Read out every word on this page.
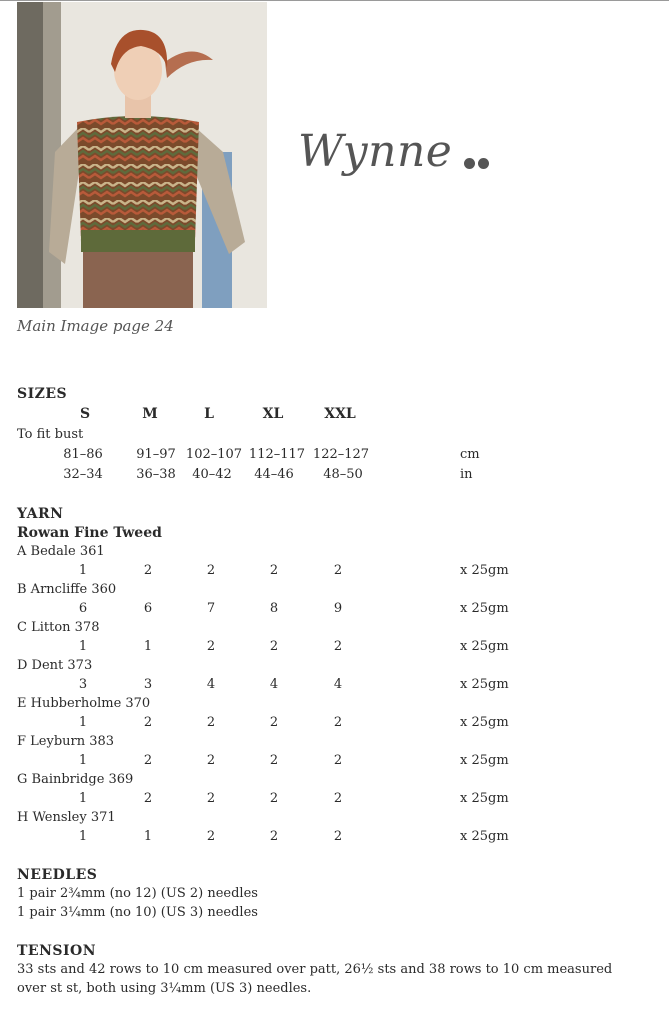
Main Image page 24
Wynne
SIZES
S	M	L	XL	XXL
To fit bust
81–86	91–97 102–107 112–117 122–127	cm
32–34	36–38 40–42 44–46 48–50	in
YARN
Rowan Fine Tweed
A Bedale 361
1	2	2	2	2	x 25gm
B Arncliffe 360
6	6	7	8	9	x 25gm
C Litton 378
1	1	2	2	2	x 25gm
D Dent 373
3	3	4	4	4	x 25gm
E Hubberholme 370
1	2	2	2	2	x 25gm
F Leyburn 383
1	2	2	2	2	x 25gm
G Bainbridge 369
1	2	2	2	2	x 25gm
H Wensley 371
1	1	2	2	2	x 25gm
NEEDLES
1 pair 2¾mm (no 12) (US 2) needles
1 pair 3¼mm (no 10) (US 3) needles
TENSION
33 sts and 42 rows to 10 cm measured over patt, 26½ sts and 38 rows to 10 cm measured
over st st, both using 3¼mm (US 3) needles.
